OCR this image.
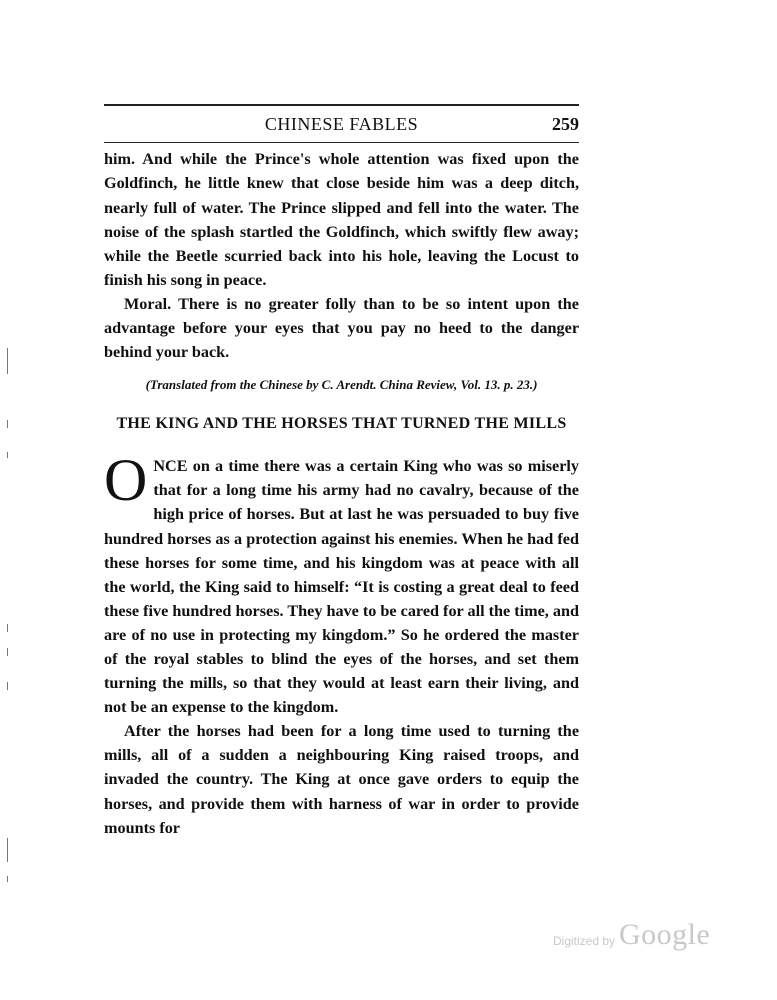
CHINESE FABLES	259

him. And while the Prince's whole attention was fixed upon the Goldfinch, he little knew that close beside him was a deep ditch, nearly full of water. The Prince slipped and fell into the water. The noise of the splash startled the Goldfinch, which swiftly flew away; while the Beetle scurried back into his hole, leaving the Locust to finish his song in peace.

Moral. There is no greater folly than to be so intent upon the advantage before your eyes that you pay no heed to the danger behind your back.

(Translated from the Chinese by C. Arendt. China Review, Vol. 13. p. 23.)

THE KING AND THE HORSES THAT TURNED THE MILLS

ONCE on a time there was a certain King who was so miserly that for a long time his army had no cavalry, because of the high price of horses. But at last he was persuaded to buy five hundred horses as a protection against his enemies. When he had fed these horses for some time, and his kingdom was at peace with all the world, the King said to himself: “It is costing a great deal to feed these five hundred horses. They have to be cared for all the time, and are of no use in protecting my kingdom.” So he ordered the master of the royal stables to blind the eyes of the horses, and set them turning the mills, so that they would at least earn their living, and not be an expense to the kingdom.

After the horses had been for a long time used to turning the mills, all of a sudden a neighbouring King raised troops, and invaded the country. The King at once gave orders to equip the horses, and provide them with harness of war in order to provide mounts for

Digitized by Google
